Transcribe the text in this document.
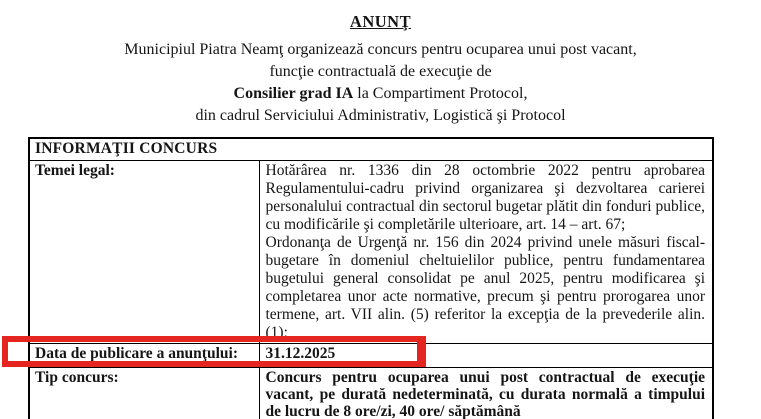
ANUNŢ
Municipiul Piatra Neamţ organizează concurs pentru ocuparea unui post vacant,
funcţie contractuală de execuţie de
Consilier grad IA la Compartiment Protocol,
din cadrul Serviciului Administrativ, Logistică şi Protocol
INFORMAŢII CONCURS	
Temei legal:	Hotărârea nr. 1336 din 28 octombrie 2022 pentru aprobarea Regulamentului-cadru privind organizarea şi dezvoltarea carierei personalului contractual din sectorul bugetar plătit din fonduri publice, cu modificările şi completările ulterioare, art. 14 – art. 67;
Ordonanţa de Urgenţă nr. 156 din 2024 privind unele măsuri fiscal-bugetare în domeniul cheltuielilor publice, pentru fundamentarea bugetului general consolidat pe anul 2025, pentru modificarea şi completarea unor acte normative, precum şi pentru prorogarea unor termene, art. VII alin. (5) referitor la excepţia de la prevederile alin. (1);

Data de publicare a anunţului:	31.12.2025
Tip concurs:	Concurs pentru ocuparea unui post contractual de execuţie vacant, pe durată nedeterminată, cu durata normală a timpului de lucru de 8 ore/zi, 40 ore/ săptămână
